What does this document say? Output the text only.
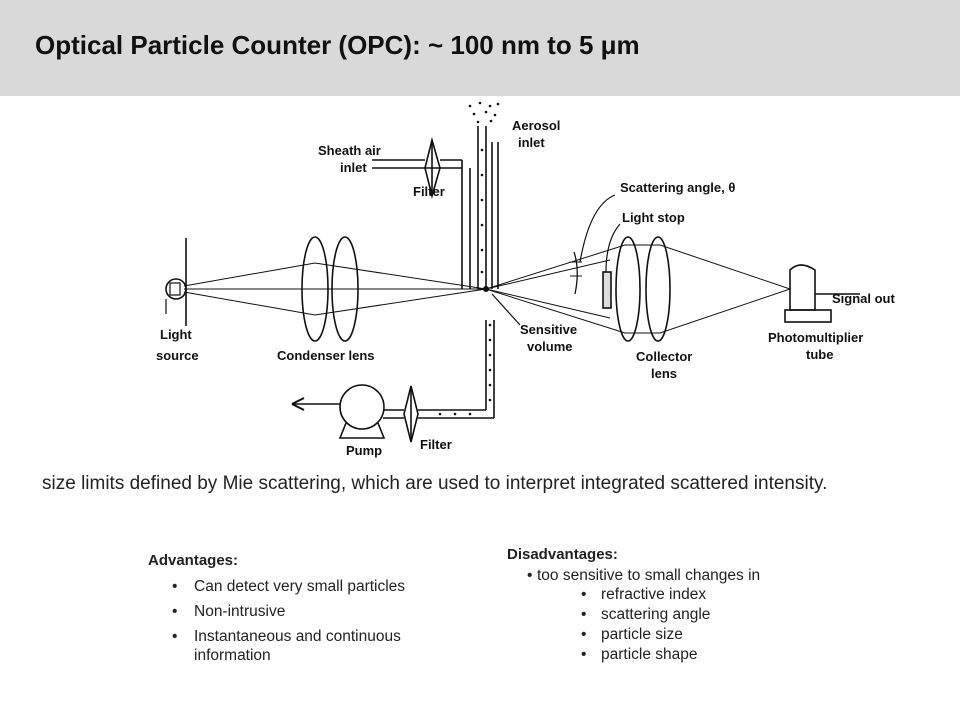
Optical Particle Counter (OPC): ~ 100 nm to 5 μm
Aerosol
inlet
Sheath air
inlet
Filter	Scattering angle, θ
Light stop
Light
source	Condenser lens
Sensitive
volume
Collector
lens
Signal out
Photomultiplier
tube
Pump	Filter

size limits defined by Mie scattering, which are used to interpret integrated scattered intensity.

Advantages:
• Can detect very small particles
• Non-intrusive
• Instantaneous and continuous information
Disadvantages:
• too sensitive to small changes in
• refractive index
• scattering angle
• particle size
• particle shape
